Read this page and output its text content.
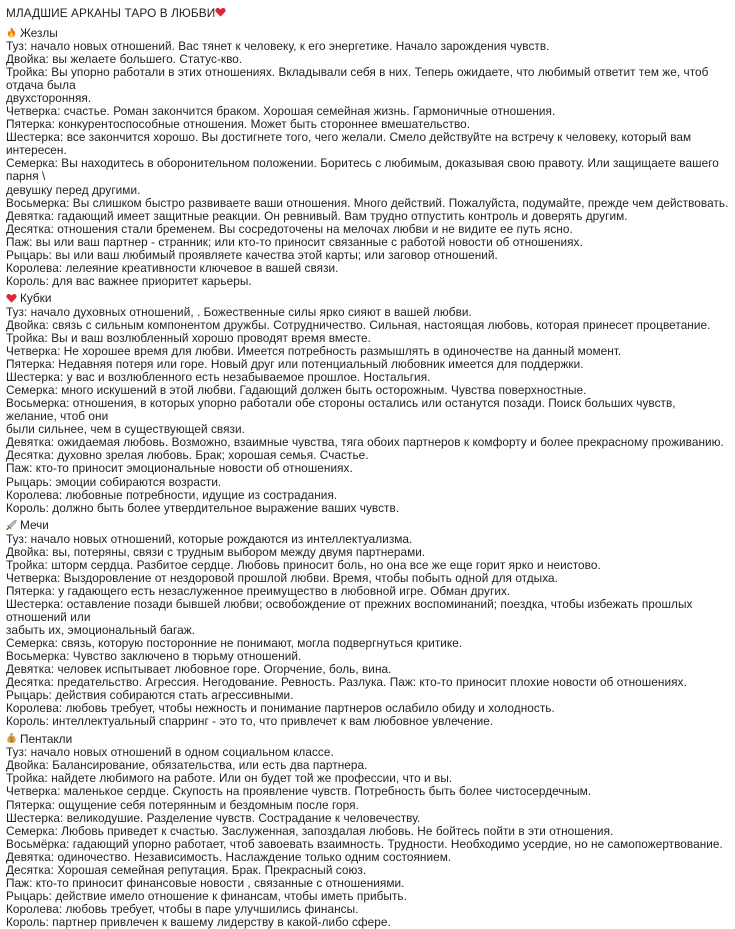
МЛАДШИЕ АРКАНЫ ТАРО В ЛЮБВИ

Жезлы

Туз: начало новых отношений. Вас тянет к человеку, к его энергетике. Начало зарождения чувств.

Двойка: вы желаете большего. Статус-кво.

Тройка: Вы упорно работали в этих отношениях. Вкладывали себя в них. Теперь ожидаете, что любимый ответит тем же, чтоб отдача была

двухсторонняя.

Четверка: счастье. Роман закончится браком. Хорошая семейная жизнь. Гармоничные отношения.

Пятерка: конкурентоспособные отношения. Может быть стороннее вмешательство.

Шестерка: все закончится хорошо. Вы достигнете того, чего желали. Смело действуйте на встречу к человеку, который вам интересен.

Семерка: Вы находитесь в оборонительном положении. Боритесь с любимым, доказывая свою правоту. Или защищаете вашего парня \

девушку перед другими.

Восьмерка: Вы слишком быстро развиваете ваши отношения. Много действий. Пожалуйста, подумайте, прежде чем действовать.

Девятка: гадающий имеет защитные реакции. Он ревнивый. Вам трудно отпустить контроль и доверять другим.

Десятка: отношения стали бременем. Вы сосредоточены на мелочах любви и не видите ее путь ясно.

Паж: вы или ваш партнер - странник; или кто-то приносит связанные с работой новости об отношениях.

Рыцарь: вы или ваш любимый проявляете качества этой карты; или заговор отношений.

Королева: лелеяние креативности ключевое в вашей связи.

Король: для вас важнее приоритет карьеры.

Кубки

Туз: начало духовных отношений, . Божественные силы ярко сияют в вашей любви.

Двойка: связь с сильным компонентом дружбы. Сотрудничество. Сильная, настоящая любовь, которая принесет процветание.

Тройка: Вы и ваш возлюбленный хорошо проводят время вместе.

Четверка: Не хорошее время для любви. Имеется потребность размышлять в одиночестве на данный момент.

Пятерка: Недавняя потеря или горе. Новый друг или потенциальный любовник имеется для поддержки.

Шестерка: у вас и возлюбленного есть незабываемое прошлое. Ностальгия.

Семерка: много искушений в этой любви. Гадающий должен быть осторожным. Чувства поверхностные.

Восьмерка: отношения, в которых упорно работали обе стороны остались или останутся позади. Поиск больших чувств, желание, чтоб они

были сильнее, чем в существующей связи.

Девятка: ожидаемая любовь. Возможно, взаимные чувства, тяга обоих партнеров к комфорту и более прекрасному проживанию.

Десятка: духовно зрелая любовь. Брак; хорошая семья. Счастье.

Паж: кто-то приносит эмоциональные новости об отношениях.

Рыцарь: эмоции собираются возрасти.

Королева: любовные потребности, идущие из сострадания.

Король: должно быть более утвердительное выражение ваших чувств.

Мечи

Туз: начало новых отношений, которые рождаются из интеллектуализма.

Двойка: вы, потеряны, связи с трудным выбором между двумя партнерами.

Тройка: шторм сердца. Разбитое сердце. Любовь приносит боль, но она все же еще горит ярко и неистово.

Четверка: Выздоровление от нездоровой прошлой любви. Время, чтобы побыть одной для отдыха.

Пятерка: у гадающего есть незаслуженное преимущество в любовной игре. Обман других.

Шестерка: оставление позади бывшей любви; освобождение от прежних воспоминаний; поездка, чтобы избежать прошлых отношений или

забыть их, эмоциональный багаж.

Семерка: связь, которую посторонние не понимают, могла подвергнуться критике.

Восьмерка: Чувство заключено в тюрьму отношений.

Девятка: человек испытывает любовное горе. Огорчение, боль, вина.

Десятка: предательство. Агрессия. Негодование. Ревность. Разлука. Паж: кто-то приносит плохие новости об отношениях.

Рыцарь: действия собираются стать агрессивными.

Королева: любовь требует, чтобы нежность и понимание партнеров ослабило обиду и холодность.

Король: интеллектуальный спарринг - это то, что привлечет к вам любовное увлечение.

$ Пентакли

Туз: начало новых отношений в одном социальном классе.

Двойка: Балансирование, обязательства, или есть два партнера.

Тройка: найдете любимого на работе. Или он будет той же профессии, что и вы.

Четверка: маленькое сердце. Скупость на проявление чувств. Потребность быть более чистосердечным.

Пятерка: ощущение себя потерянным и бездомным после горя.

Шестерка: великодушие. Разделение чувств. Сострадание к человечеству.

Семерка: Любовь приведет к счастью. Заслуженная, запоздалая любовь. Не бойтесь пойти в эти отношения.

Восьмёрка: гадающий упорно работает, чтоб завоевать взаимность. Трудности. Необходимо усердие, но не самопожертвование.

Девятка: одиночество. Независимость. Наслаждение только одним состоянием.

Десятка: Хорошая семейная репутация. Брак. Прекрасный союз.

Паж: кто-то приносит финансовые новости , связанные с отношениями.

Рыцарь: действие имело отношение к финансам, чтобы иметь прибыть.

Королева: любовь требует, чтобы в паре улучшились финансы.

Король: партнер привлечен к вашему лидерству в какой-либо сфере.
